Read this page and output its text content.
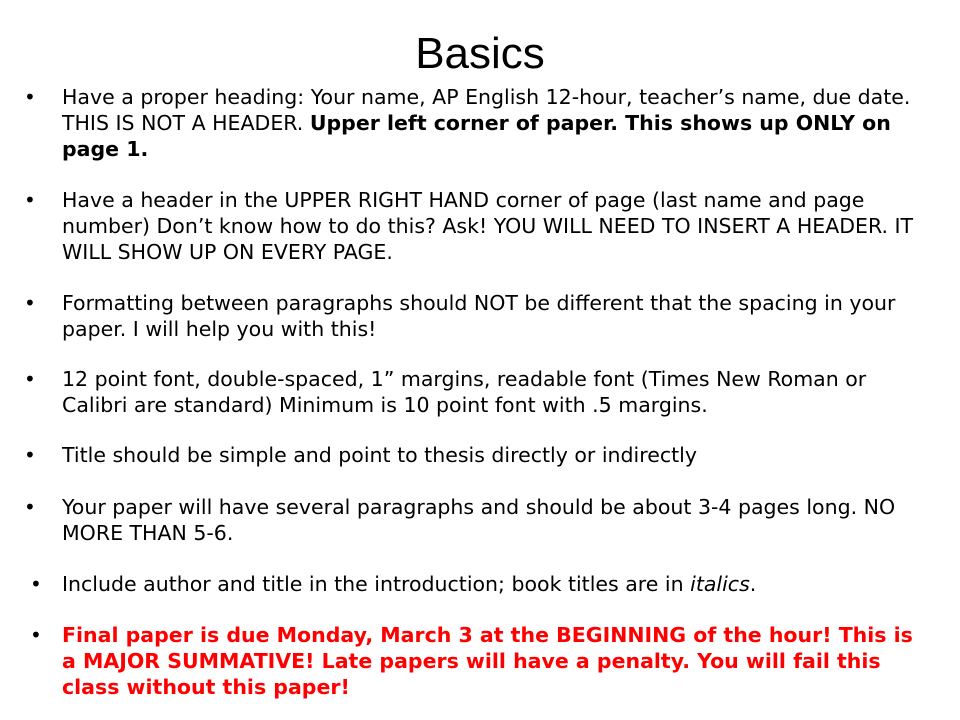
Basics
•	Have a proper heading: Your name, AP English 12-hour, teacher’s name, due date. THIS IS NOT A HEADER. Upper left corner of paper. This shows up ONLY on page 1.
•	Have a header in the UPPER RIGHT HAND corner of page (last name and page number) Don’t know how to do this? Ask! YOU WILL NEED TO INSERT A HEADER. IT WILL SHOW UP ON EVERY PAGE.
•	Formatting between paragraphs should NOT be different that the spacing in your paper. I will help you with this!
•	12 point font, double-spaced, 1” margins, readable font (Times New Roman or Calibri are standard) Minimum is 10 point font with .5 margins.
•	Title should be simple and point to thesis directly or indirectly
•	Your paper will have several paragraphs and should be about 3-4 pages long. NO MORE THAN 5-6.
• Include author and title in the introduction; book titles are in italics.
• Final paper is due Monday, March 3 at the BEGINNING of the hour! This is a MAJOR SUMMATIVE! Late papers will have a penalty. You will fail this class without this paper!
